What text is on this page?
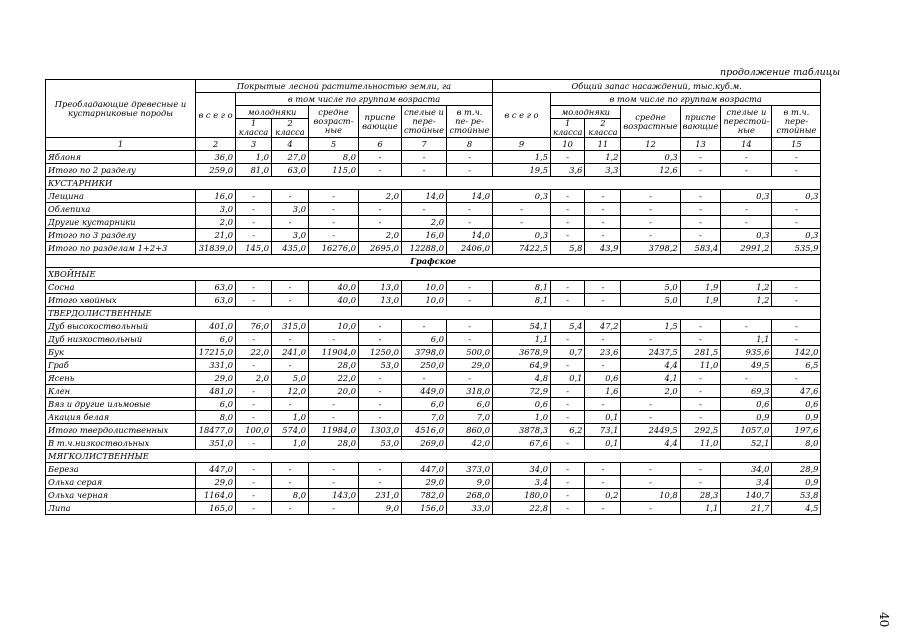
продолжение таблицы
Преобладающие древесные и кустарниковые породы	Покрытые лесной растительностью земли, га							Общий запас насаждений, тыс.куб.м.						
	в с е г о	в том числе по группам возраста						в с е г о	в том числе по группам возраста					
		молодняки		средне возраст- ные	приспе вающие	спелые и пере- стойные	в т.ч. пе- ре- стойные		молодняки		средне возрастные	приспе вающие	спелые и перестой- ные	в т.ч. пере- стойные
		1 класса	2 класса						1 класса	2 класса				
1	2	3	4	5	6	7	8	9	10	11	12	13	14	15
Яблоня	36,0	1,0	27,0	8,0	-	-	-	1,5	-	1,2	0,3	-	-	-
Итого по 2 разделу	259,0	81,0	63,0	115,0	-	-	-	19,5	3,6	3,3	12,6	-	-	-
КУСТАРНИКИ														
Лещина	16,0	-	-	-	2,0	14,0	14,0	0,3	-	-	-	-	0,3	0,3
Облепиха	3,0	-	3,0	-	-	-	-	-	-	-	-	-	-	-
Другие кустарники	2,0	-	-	-	-	2,0	-	-	-	-	-	-	-	-
Итого по 3 разделу	21,0	-	3,0	-	2,0	16,0	14,0	0,3	-	-	-	-	0,3	0,3
Итого по разделам 1+2+3	31839,0	145,0	435,0	16276,0	2695,0	12288,0	2406,0	7422,5	5,8	43,9	3798,2	583,4	2991,2	535,9
Графское														
ХВОЙНЫЕ														
Сосна	63,0	-	-	40,0	13,0	10,0	-	8,1	-	-	5,0	1,9	1,2	-
Итого хвойных	63,0	-	-	40,0	13,0	10,0	-	8,1	-	-	5,0	1,9	1,2	-
ТВЕРДОЛИСТВЕННЫЕ														
Дуб высокоствольный	401,0	76,0	315,0	10,0	-	-	-	54,1	5,4	47,2	1,5	-	-	-
Дуб низкоствольный	6,0	-	-	-	-	6,0	-	1,1	-	-	-	-	1,1	-
Бук	17215,0	22,0	241,0	11904,0	1250,0	3798,0	500,0	3678,9	0,7	23,6	2437,5	281,5	935,6	142,0
Граб	331,0	-	-	28,0	53,0	250,0	29,0	64,9	-	-	4,4	11,0	49,5	6,5
Ясень	29,0	2,0	5,0	22,0	-	-	-	4,8	0,1	0,6	4,1	-	-	-
Клен	481,0	-	12,0	20,0	-	449,0	318,0	72,9	-	1,6	2,0	-	69,3	47,6
Вяз и другие ильмовые	6,0	-	-	-	-	6,0	6,0	0,6	-	-	-	-	0,6	0,6
Акация белая	8,0	-	1,0	-	-	7,0	7,0	1,0	-	0,1	-	-	0,9	0,9
Итого твердолиственных	18477,0	100,0	574,0	11984,0	1303,0	4516,0	860,0	3878,3	6,2	73,1	2449,5	292,5	1057,0	197,6
В т.ч.низкоствольных	351,0	-	1,0	28,0	53,0	269,0	42,0	67,6	-	0,1	4,4	11,0	52,1	8,0
МЯГКОЛИСТВЕННЫЕ														
Береза	447,0	-	-	-	-	447,0	373,0	34,0	-	-	-	-	34,0	28,9
Ольха серая	29,0	-	-	-	-	29,0	9,0	3,4	-	-	-	-	3,4	0,9
Ольха черная	1164,0	-	8,0	143,0	231,0	782,0	268,0	180,0	-	0,2	10,8	28,3	140,7	53,8
Липа	165,0	-	-	-	9,0	156,0	33,0	22,8	-	-	-	1,1	21,7	4,5
40
